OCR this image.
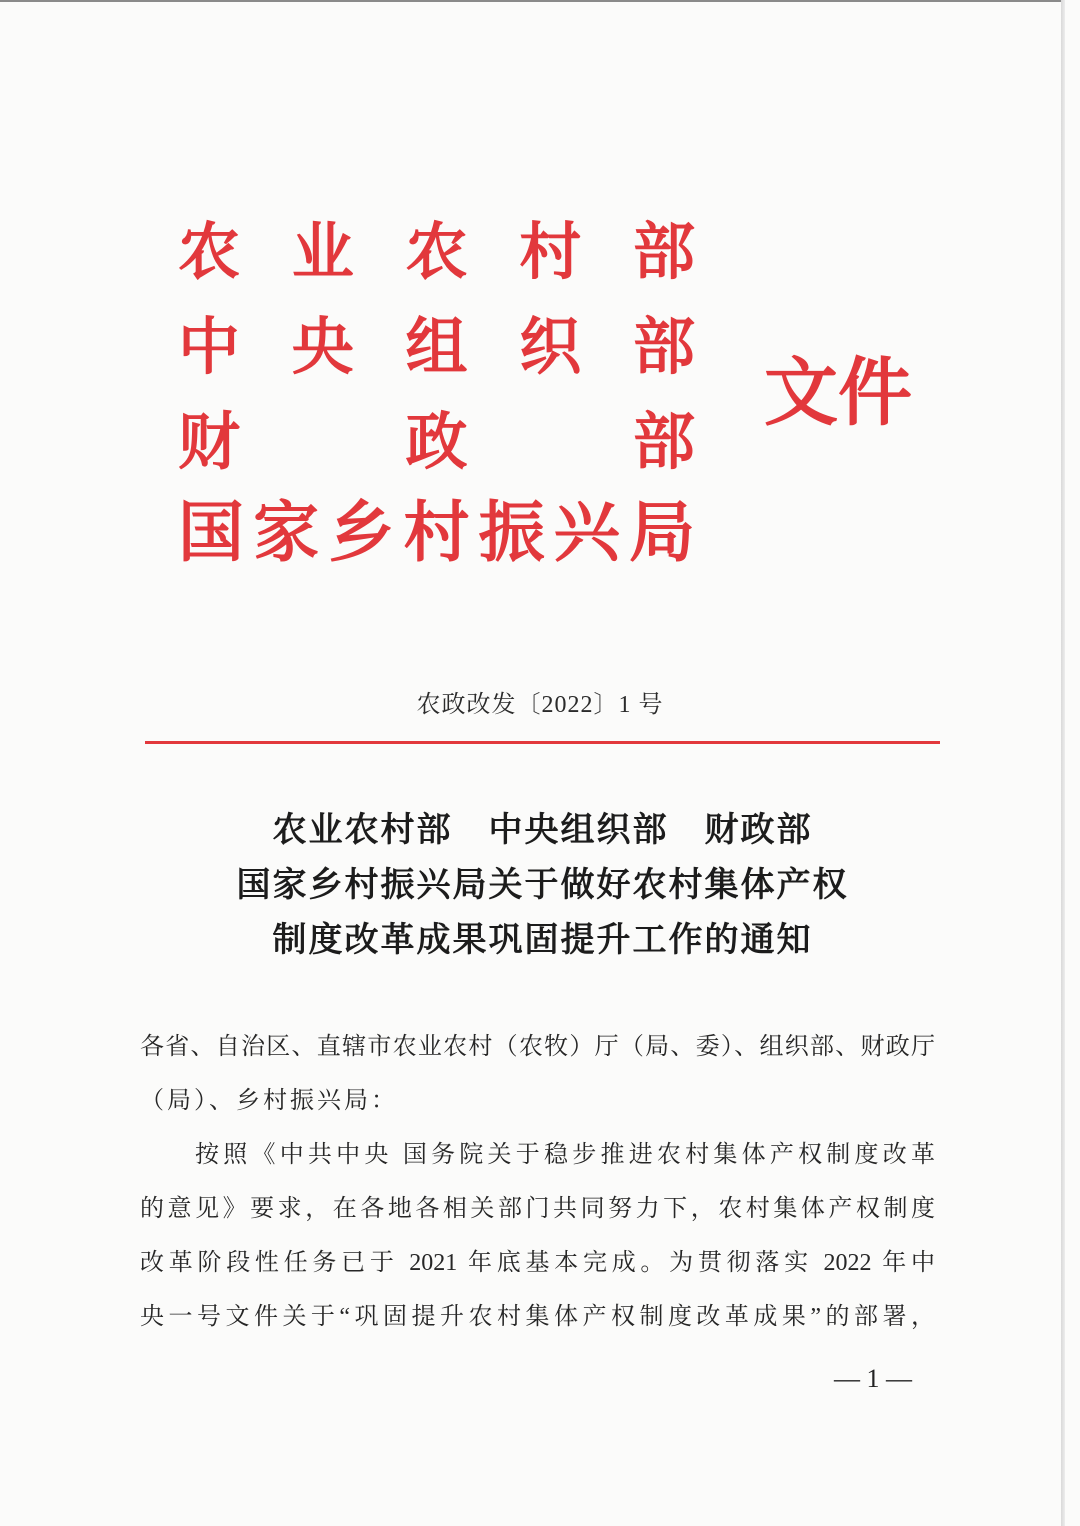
农 业 农 村 部
中 央 组 织 部
财	政	部
国 家 乡 村 振 兴 局
文件
农政改发〔2022〕1 号
农业农村部　中央组织部　财政部
国家乡村振兴局关于做好农村集体产权
制度改革成果巩固提升工作的通知
各省、自治区、直辖市农业农村（农牧）厅（局、委）、组织部、财政厅
（局）、乡村振兴局：
按照《中共中央 国务院关于稳步推进农村集体产权制度改革
的意见》要求，在各地各相关部门共同努力下，农村集体产权制度
改革阶段性任务已于 2021 年底基本完成。为贯彻落实 2022 年中
央一号文件关于“巩固提升农村集体产权制度改革成果”的部署，
— 1 —
